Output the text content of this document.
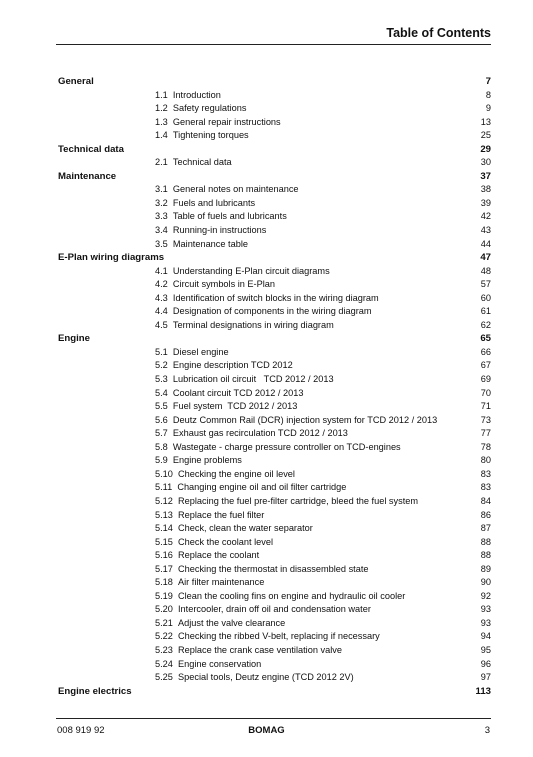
Table of Contents
General	7
1.1 Introduction	8
1.2 Safety regulations	9
1.3 General repair instructions	13
1.4 Tightening torques	25
Technical data	29
2.1 Technical data	30
Maintenance	37
3.1 General notes on maintenance	38
3.2 Fuels and lubricants	39
3.3 Table of fuels and lubricants	42
3.4 Running-in instructions	43
3.5 Maintenance table	44
E-Plan wiring diagrams	47
4.1 Understanding E-Plan circuit diagrams	48
4.2 Circuit symbols in E-Plan	57
4.3 Identification of switch blocks in the wiring diagram	60
4.4 Designation of components in the wiring diagram	61
4.5 Terminal designations in wiring diagram	62
Engine	65
5.1 Diesel engine	66
5.2 Engine description TCD 2012	67
5.3 Lubrication oil circuit   TCD 2012 / 2013	69
5.4 Coolant circuit TCD 2012 / 2013	70
5.5 Fuel system  TCD 2012 / 2013	71
5.6 Deutz Common Rail (DCR) injection system for TCD 2012 / 2013	73
5.7 Exhaust gas recirculation TCD 2012 / 2013	77
5.8 Wastegate - charge pressure controller on TCD-engines	78
5.9 Engine problems	80
5.10 Checking the engine oil level	83
5.11 Changing engine oil and oil filter cartridge	83
5.12 Replacing the fuel pre-filter cartridge, bleed the fuel system	84
5.13 Replace the fuel filter	86
5.14 Check, clean the water separator	87
5.15 Check the coolant level	88
5.16 Replace the coolant	88
5.17 Checking the thermostat in disassembled state	89
5.18 Air filter maintenance	90
5.19 Clean the cooling fins on engine and hydraulic oil cooler	92
5.20 Intercooler, drain off oil and condensation water	93
5.21 Adjust the valve clearance	93
5.22 Checking the ribbed V-belt, replacing if necessary	94
5.23 Replace the crank case ventilation valve	95
5.24 Engine conservation	96
5.25 Special tools, Deutz engine (TCD 2012 2V)	97
Engine electrics	113
008 919 92	BOMAG	3
